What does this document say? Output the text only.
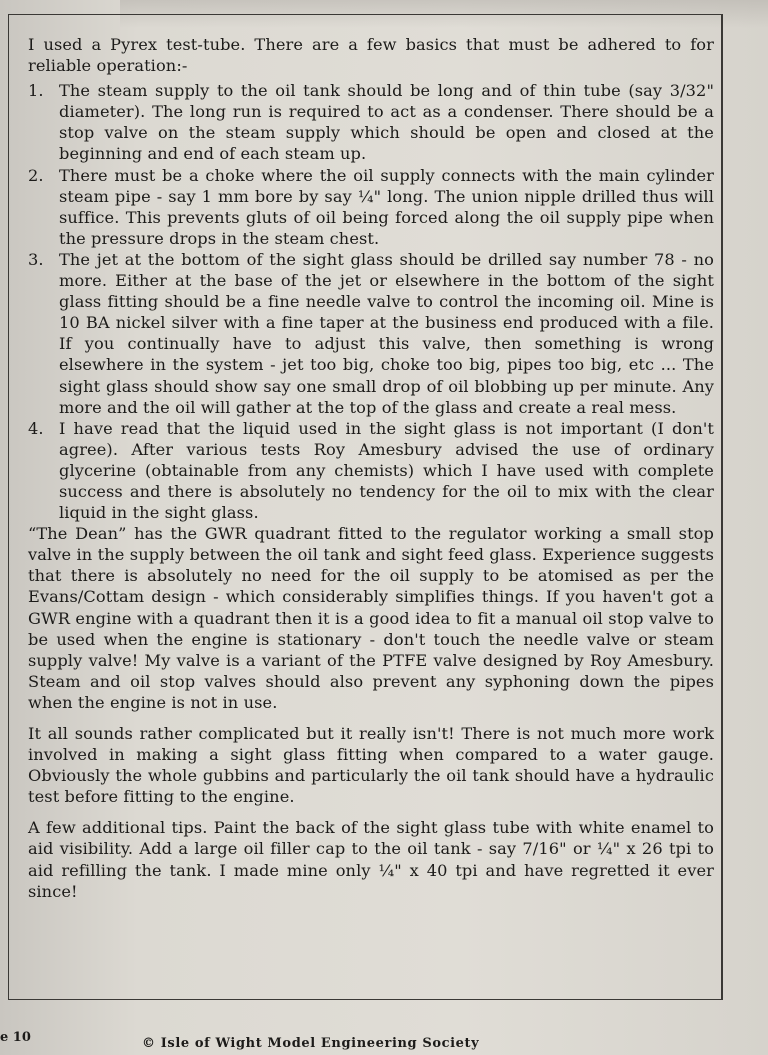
I used a Pyrex test-tube. There are a few basics that must be adhered to for reliable operation:-

1. The steam supply to the oil tank should be long and of thin tube (say 3/32" diameter). The long run is required to act as a condenser. There should be a stop valve on the steam supply which should be open and closed at the beginning and end of each steam up.
2. There must be a choke where the oil supply connects with the main cylinder steam pipe - say 1 mm bore by say ¼" long. The union nipple drilled thus will suffice. This prevents gluts of oil being forced along the oil supply pipe when the pressure drops in the steam chest.
3. The jet at the bottom of the sight glass should be drilled say number 78 - no more. Either at the base of the jet or elsewhere in the bottom of the sight glass fitting should be a fine needle valve to control the incoming oil. Mine is 10 BA nickel silver with a fine taper at the business end produced with a file. If you continually have to adjust this valve, then something is wrong elsewhere in the system - jet too big, choke too big, pipes too big, etc ... The sight glass should show say one small drop of oil blobbing up per minute. Any more and the oil will gather at the top of the glass and create a real mess.
4. I have read that the liquid used in the sight glass is not important (I don't agree). After various tests Roy Amesbury advised the use of ordinary glycerine (obtainable from any chemists) which I have used with complete success and there is absolutely no tendency for the oil to mix with the clear liquid in the sight glass.

“The Dean” has the GWR quadrant fitted to the regulator working a small stop valve in the supply between the oil tank and sight feed glass. Experience suggests that there is absolutely no need for the oil supply to be atomised as per the Evans/Cottam design - which considerably simplifies things. If you haven't got a GWR engine with a quadrant then it is a good idea to fit a manual oil stop valve to be used when the engine is stationary - don't touch the needle valve or steam supply valve! My valve is a variant of the PTFE valve designed by Roy Amesbury. Steam and oil stop valves should also prevent any syphoning down the pipes when the engine is not in use.

It all sounds rather complicated but it really isn't! There is not much more work involved in making a sight glass fitting when compared to a water gauge. Obviously the whole gubbins and particularly the oil tank should have a hydraulic test before fitting to the engine.

A few additional tips. Paint the back of the sight glass tube with white enamel to aid visibility. Add a large oil filler cap to the oil tank - say 7/16" or ¼" x 26 tpi to aid refilling the tank. I made mine only ¼" x 40 tpi and have regretted it ever since!

e 10	© Isle of Wight Model Engineering Society
